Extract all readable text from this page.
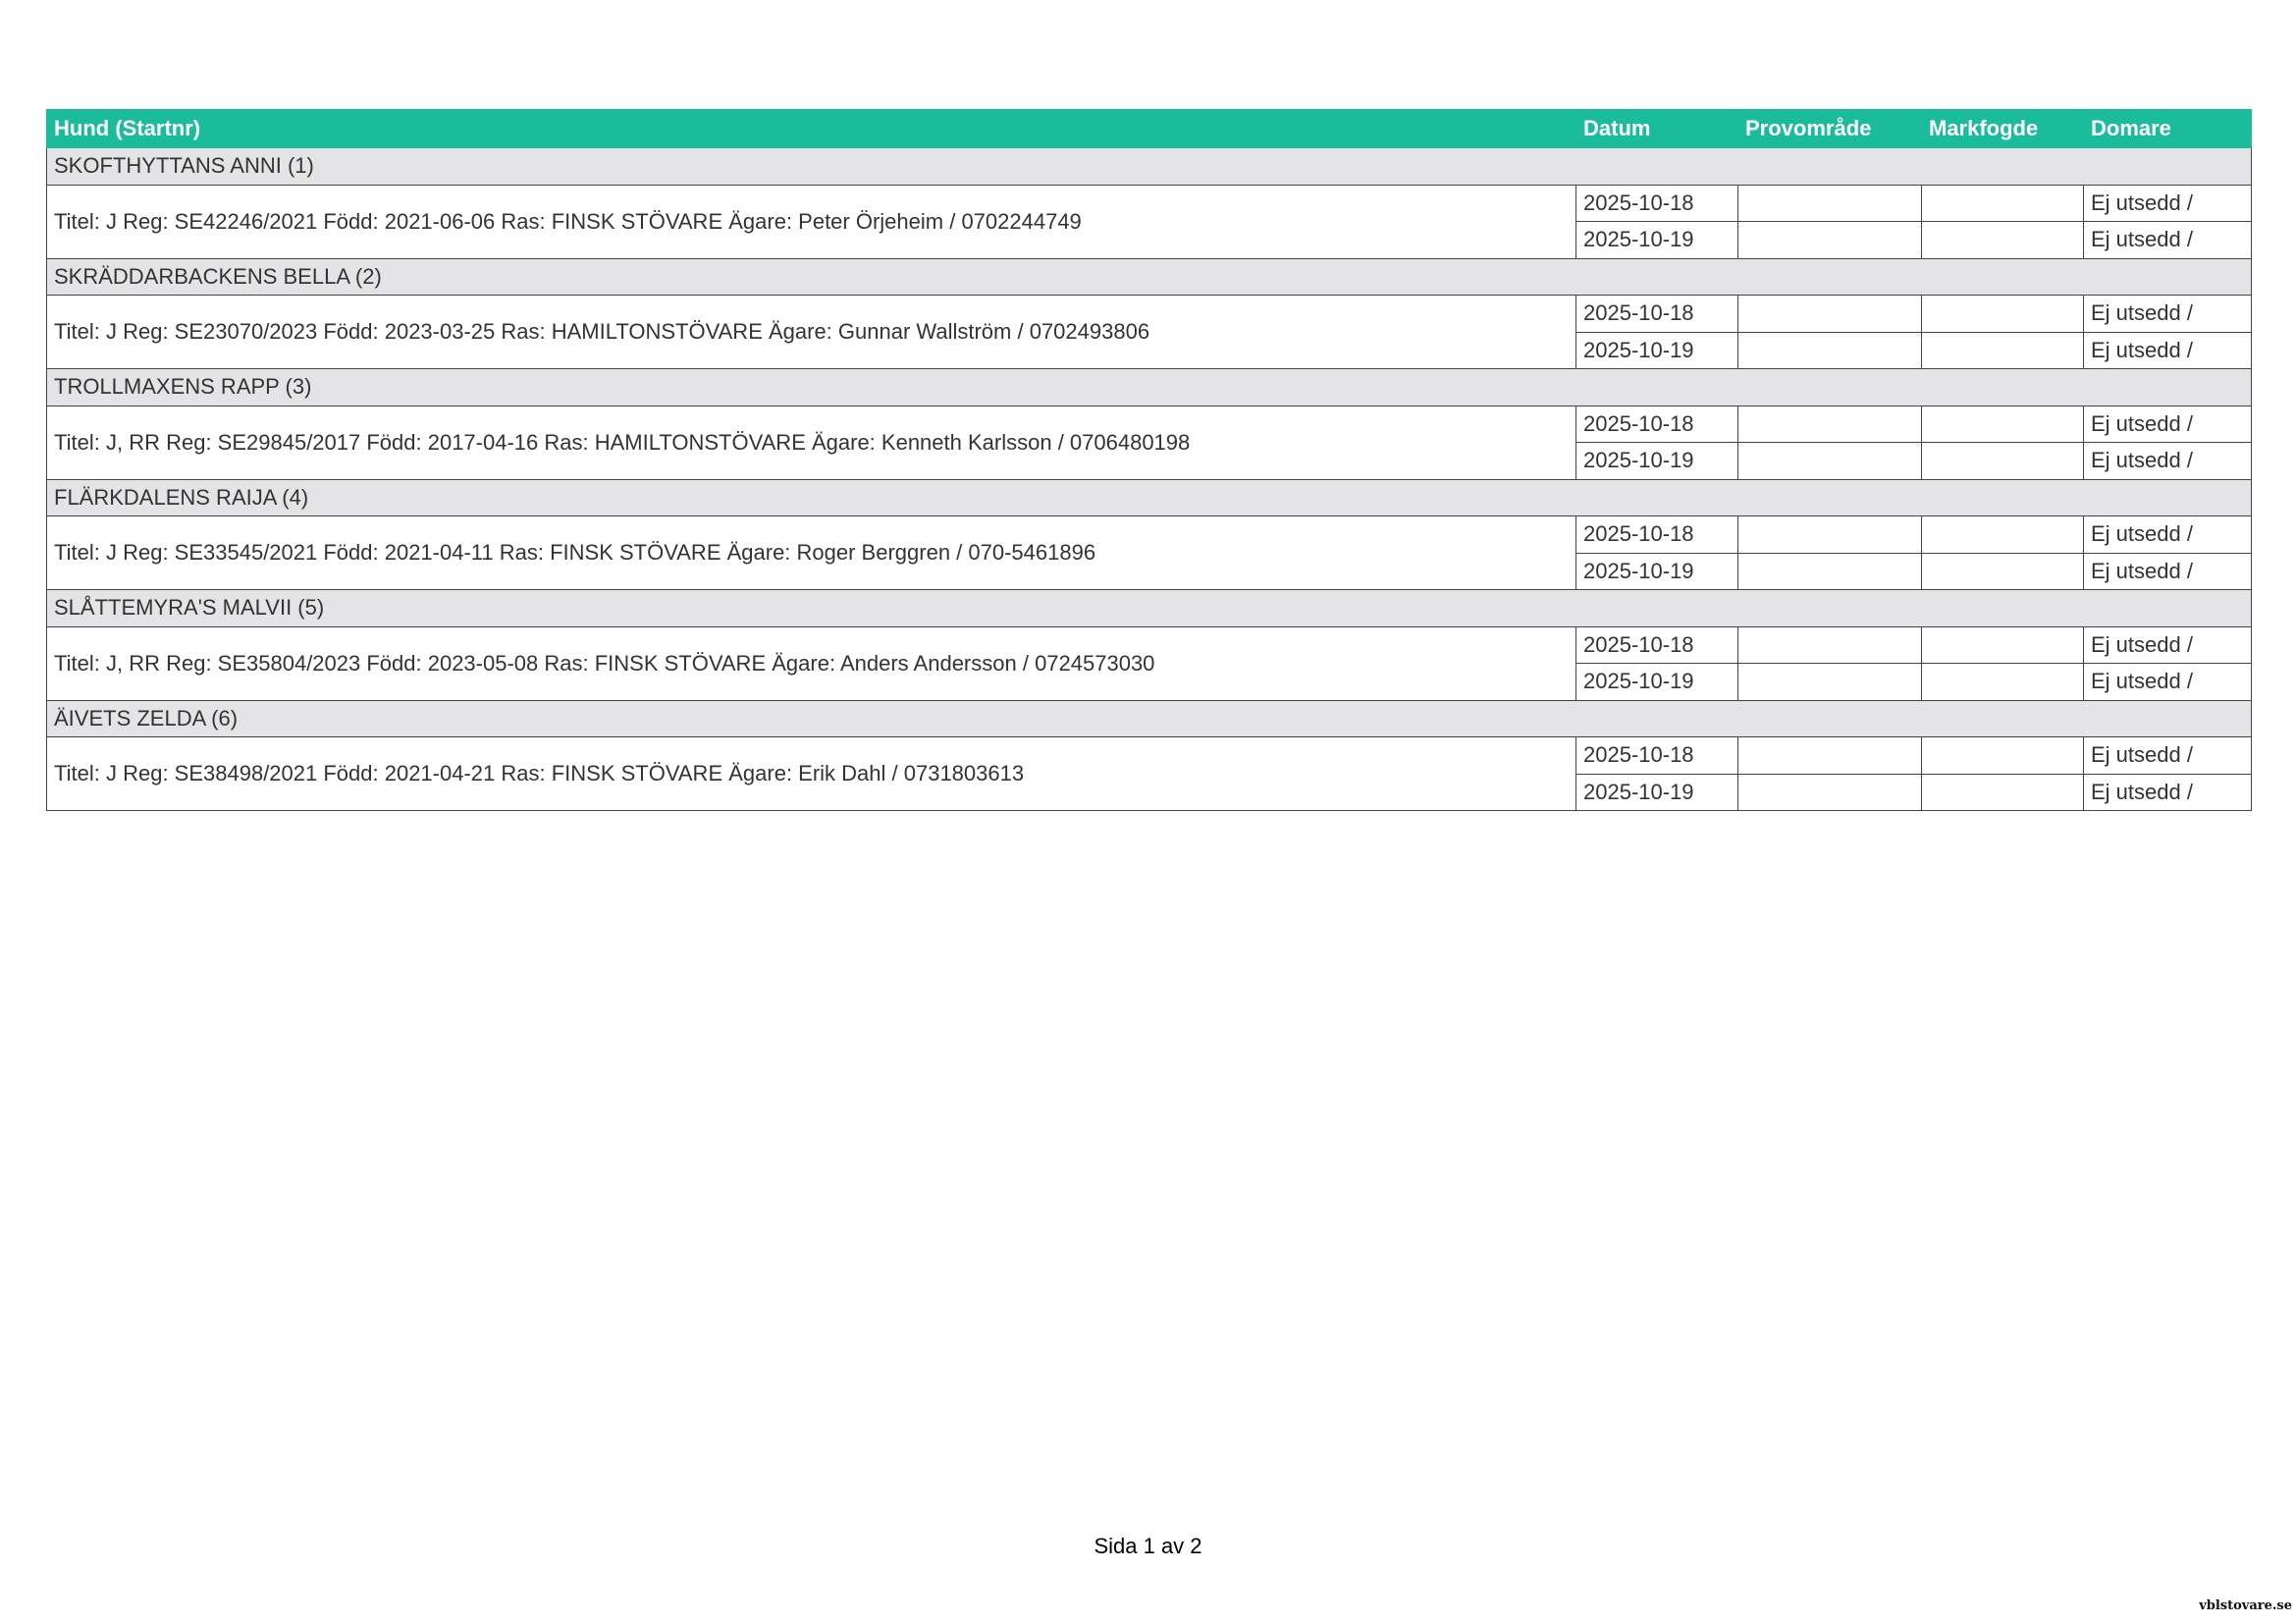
Hund (Startnr)	Datum	Provområde	Markfogde	Domare
SKOFTHYTTANS ANNI (1)				
Titel: J Reg: SE42246/2021 Född: 2021-06-06 Ras: FINSK STÖVARE Ägare: Peter Örjeheim / 0702244749	2025-10-18			Ej utsedd /
	2025-10-19			Ej utsedd /
SKRÄDDARBACKENS BELLA (2)				
Titel: J Reg: SE23070/2023 Född: 2023-03-25 Ras: HAMILTONSTÖVARE Ägare: Gunnar Wallström / 0702493806	2025-10-18			Ej utsedd /
	2025-10-19			Ej utsedd /
TROLLMAXENS RAPP (3)				
Titel: J, RR Reg: SE29845/2017 Född: 2017-04-16 Ras: HAMILTONSTÖVARE Ägare: Kenneth Karlsson / 0706480198	2025-10-18			Ej utsedd /
	2025-10-19			Ej utsedd /
FLÄRKDALENS RAIJA (4)				
Titel: J Reg: SE33545/2021 Född: 2021-04-11 Ras: FINSK STÖVARE Ägare: Roger Berggren / 070-5461896	2025-10-18			Ej utsedd /
	2025-10-19			Ej utsedd /
SLÅTTEMYRA'S MALVII (5)				
Titel: J, RR Reg: SE35804/2023 Född: 2023-05-08 Ras: FINSK STÖVARE Ägare: Anders Andersson / 0724573030	2025-10-18			Ej utsedd /
	2025-10-19			Ej utsedd /
ÄIVETS ZELDA (6)				
Titel: J Reg: SE38498/2021 Född: 2021-04-21 Ras: FINSK STÖVARE Ägare: Erik Dahl / 0731803613	2025-10-18			Ej utsedd /
	2025-10-19			Ej utsedd /
Sida 1 av 2
vblstovare.se
